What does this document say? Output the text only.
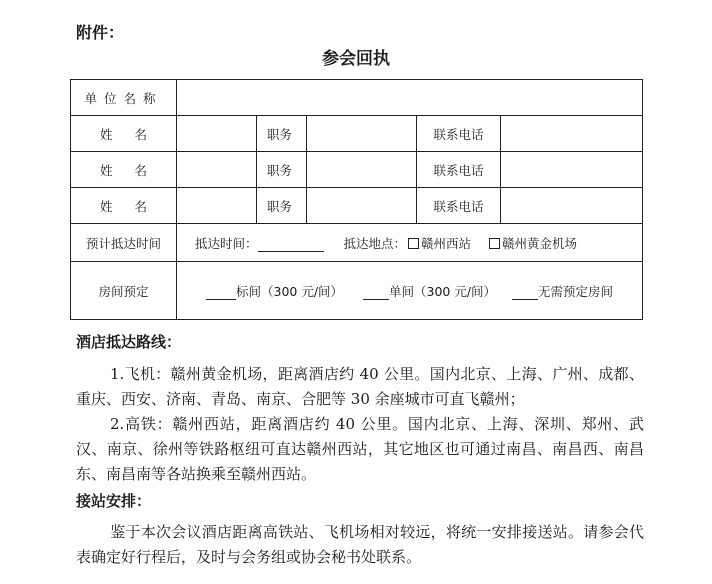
附件：
参会回执
单位名称					
姓 名		职务		联系电话	
姓 名		职务		联系电话	
姓 名		职务		联系电话	
预计抵达时间	抵达时间： 抵达地点： 赣州西站 赣州黄金机场				
房间预定	标间（300 元/间） 单间（300 元/间） 无需预定房间				
酒店抵达路线：
1.飞机：赣州黄金机场，距离酒店约 40 公里。国内北京、上海、广州、成都、重庆、西安、济南、青岛、南京、合肥等 30 余座城市可直飞赣州；
2.高铁：赣州西站，距离酒店约 40 公里。国内北京、上海、深圳、郑州、武汉、南京、徐州等铁路枢纽可直达赣州西站，其它地区也可通过南昌、南昌西、南昌东、南昌南等各站换乘至赣州西站。
接站安排：
鉴于本次会议酒店距离高铁站、飞机场相对较远，将统一安排接送站。请参会代表确定好行程后，及时与会务组或协会秘书处联系。
